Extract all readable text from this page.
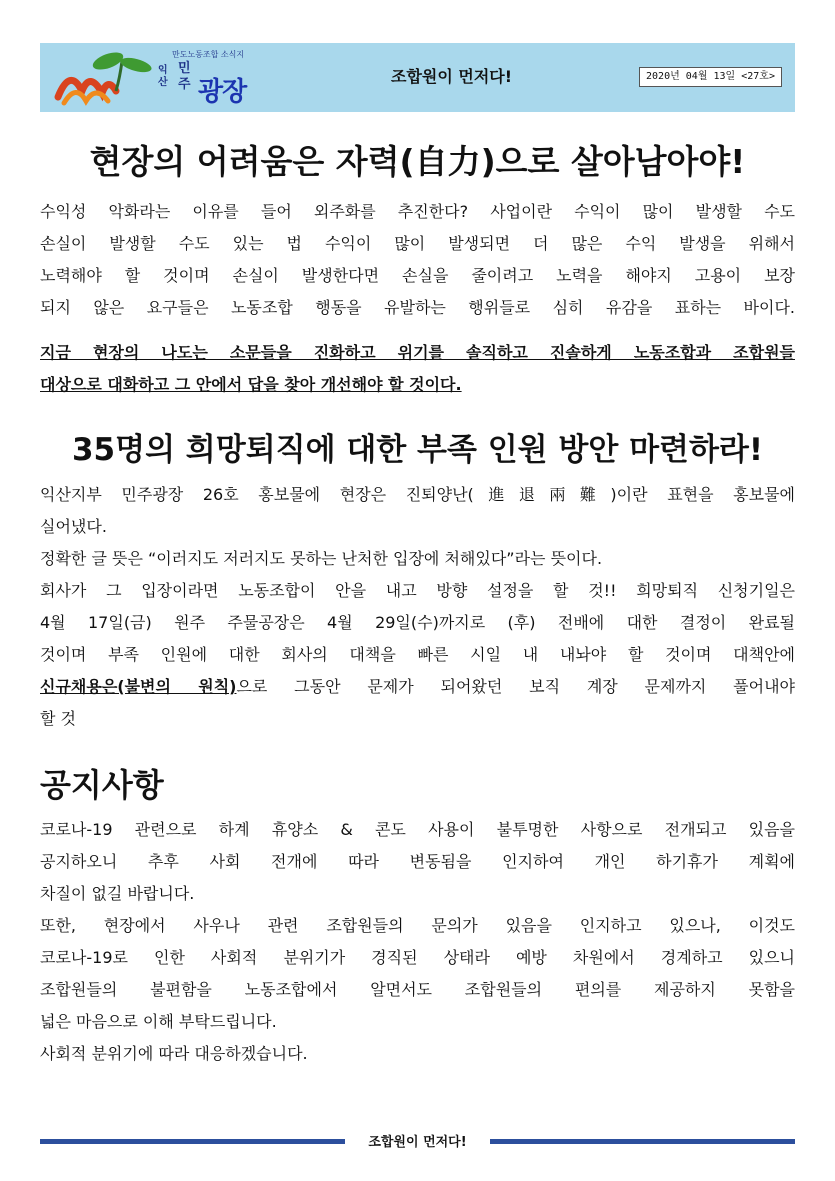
만도노동조합 소식지
익
산
민
주 광장
조합원이 먼저다!	2020년 04월 13일 <27호>
현장의 어려움은 자력(自力)으로 살아남아야!
수익성 악화라는 이유를 들어 외주화를 추진한다? 사업이란 수익이 많이 발생할 수도
손실이 발생할 수도 있는 법 수익이 많이 발생되면 더 많은 수익 발생을 위해서
노력해야 할 것이며 손실이 발생한다면 손실을 줄이려고 노력을 해야지 고용이 보장
되지 않은 요구들은 노동조합 행동을 유발하는 행위들로 심히 유감을 표하는 바이다.
지금 현장의 나도는 소문들을 진화하고 위기를 솔직하고 진솔하게 노동조합과 조합원들
대상으로 대화하고 그 안에서 답을 찾아 개선해야 할 것이다.
35명의 희망퇴직에 대한 부족 인원 방안 마련하라!
익산지부 민주광장 26호 홍보물에 현장은 진퇴양난(進退兩難)이란 표현을 홍보물에
실어냈다.
정확한 글 뜻은 “이러지도 저러지도 못하는 난처한 입장에 처해있다”라는 뜻이다.
회사가 그 입장이라면 노동조합이 안을 내고 방향 설정을 할 것!! 희망퇴직 신청기일은
4월 17일(금) 원주 주물공장은 4월 29일(수)까지로 (후) 전배에 대한 결정이 완료될
것이며 부족 인원에 대한 회사의 대책을 빠른 시일 내 내놔야 할 것이며 대책안에
신규채용은(불변의 원칙)으로 그동안 문제가 되어왔던 보직 계장 문제까지 풀어내야
할 것
공지사항
코로나-19 관련으로 하계 휴양소 & 콘도 사용이 불투명한 사항으로 전개되고 있음을
공지하오니 추후 사회 전개에 따라 변동됨을 인지하여 개인 하기휴가 계획에
차질이 없길 바랍니다.
또한, 현장에서 사우나 관련 조합원들의 문의가 있음을 인지하고 있으나, 이것도
코로나-19로 인한 사회적 분위기가 경직된 상태라 예방 차원에서 경계하고 있으니
조합원들의 불편함을 노동조합에서 알면서도 조합원들의 편의를 제공하지 못함을
넓은 마음으로 이해 부탁드립니다.
사회적 분위기에 따라 대응하겠습니다.
조합원이 먼저다!
